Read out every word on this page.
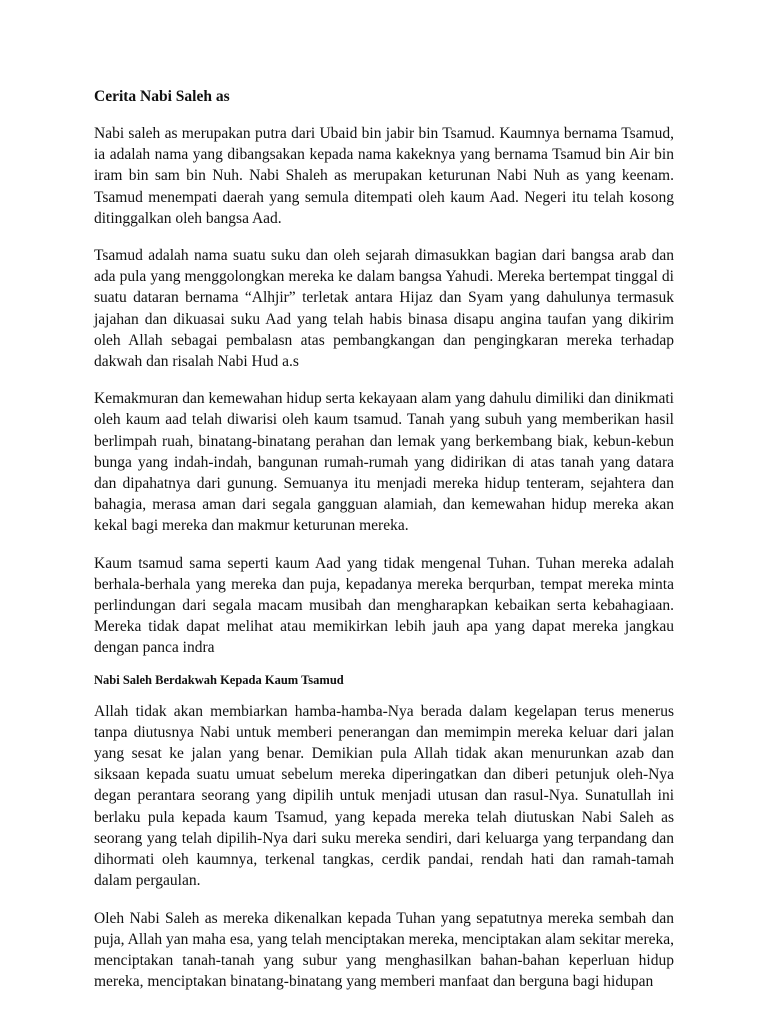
Cerita Nabi Saleh as

Nabi saleh as merupakan putra dari Ubaid bin jabir bin Tsamud. Kaumnya bernama Tsamud, ia adalah nama yang dibangsakan kepada nama kakeknya yang bernama Tsamud bin Air bin iram bin sam bin Nuh. Nabi Shaleh as merupakan keturunan Nabi Nuh as yang keenam. Tsamud menempati daerah yang semula ditempati oleh kaum Aad. Negeri itu telah kosong ditinggalkan oleh bangsa Aad.

Tsamud adalah nama suatu suku dan oleh sejarah dimasukkan bagian dari bangsa arab dan ada pula yang menggolongkan mereka ke dalam bangsa Yahudi. Mereka bertempat tinggal di suatu dataran bernama “Alhjir” terletak antara Hijaz dan Syam yang dahulunya termasuk jajahan dan dikuasai suku Aad yang telah habis binasa disapu angina taufan yang dikirim oleh Allah sebagai pembalasn atas pembangkangan dan pengingkaran mereka terhadap dakwah dan risalah Nabi Hud a.s

Kemakmuran dan kemewahan hidup serta kekayaan alam yang dahulu dimiliki dan dinikmati oleh kaum aad telah diwarisi oleh kaum tsamud. Tanah yang subuh yang memberikan hasil berlimpah ruah, binatang-binatang perahan dan lemak yang berkembang biak, kebun-kebun bunga yang indah-indah, bangunan rumah-rumah yang didirikan di atas tanah yang datara dan dipahatnya dari gunung. Semuanya itu menjadi mereka hidup tenteram, sejahtera dan bahagia, merasa aman dari segala gangguan alamiah, dan kemewahan hidup mereka akan kekal bagi mereka dan makmur keturunan mereka.

Kaum tsamud sama seperti kaum Aad yang tidak mengenal Tuhan. Tuhan mereka adalah berhala-berhala yang mereka dan puja, kepadanya mereka berqurban, tempat mereka minta perlindungan dari segala macam musibah dan mengharapkan kebaikan serta kebahagiaan. Mereka tidak dapat melihat atau memikirkan lebih jauh apa yang dapat mereka jangkau dengan panca indra

Nabi Saleh Berdakwah Kepada Kaum Tsamud

Allah tidak akan membiarkan hamba-hamba-Nya berada dalam kegelapan terus menerus tanpa diutusnya Nabi untuk memberi penerangan dan memimpin mereka keluar dari jalan yang sesat ke jalan yang benar. Demikian pula Allah tidak akan menurunkan azab dan siksaan kepada suatu umuat sebelum mereka diperingatkan dan diberi petunjuk oleh-Nya degan perantara seorang yang dipilih untuk menjadi utusan dan rasul-Nya. Sunatullah ini berlaku pula kepada kaum Tsamud, yang kepada mereka telah diutuskan Nabi Saleh as seorang yang telah dipilih-Nya dari suku mereka sendiri, dari keluarga yang terpandang dan dihormati oleh kaumnya, terkenal tangkas, cerdik pandai, rendah hati dan ramah-tamah dalam pergaulan.

Oleh Nabi Saleh as mereka dikenalkan kepada Tuhan yang sepatutnya mereka sembah dan puja, Allah yan maha esa, yang telah menciptakan mereka, menciptakan alam sekitar mereka, menciptakan tanah-tanah yang subur yang menghasilkan bahan-bahan keperluan hidup mereka, menciptakan binatang-binatang yang memberi manfaat dan berguna bagi hidupan
